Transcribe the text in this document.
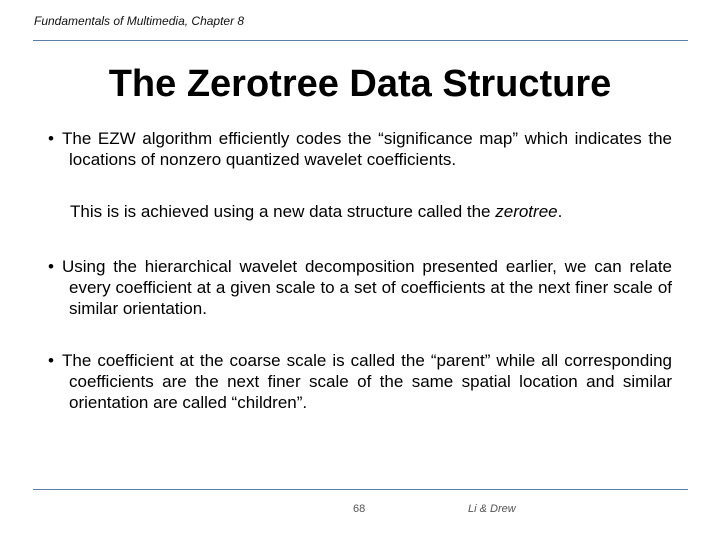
Fundamentals of Multimedia, Chapter 8
The Zerotree Data Structure
• The EZW algorithm efficiently codes the “significance map” which indicates the locations of nonzero quantized wavelet coefficients.
This is is achieved using a new data structure called the zerotree.
• Using the hierarchical wavelet decomposition presented earlier, we can relate every coefficient at a given scale to a set of coefficients at the next finer scale of similar orientation.
• The coefficient at the coarse scale is called the “parent” while all corresponding coefficients are the next finer scale of the same spatial location and similar orientation are called “children”.
68	Li & Drew
